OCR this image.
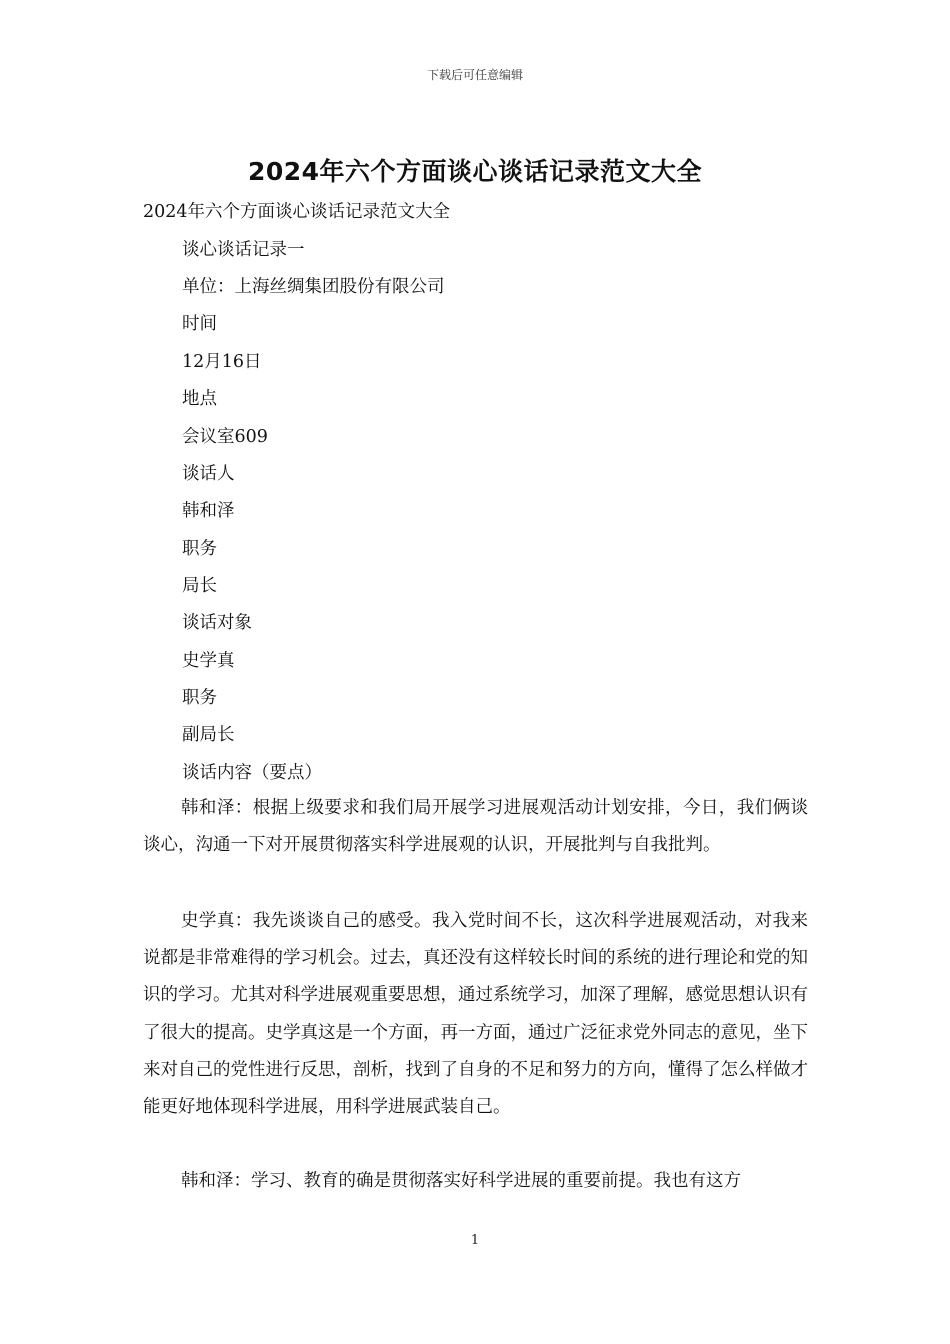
下载后可任意编辑
2024年六个方面谈心谈话记录范文大全
2024年六个方面谈心谈话记录范文大全
谈心谈话记录一
单位：上海丝绸集团股份有限公司
时间
12月16日
地点
会议室609
谈话人
韩和泽
职务
局长
谈话对象
史学真
职务
副局长
谈话内容（要点）
韩和泽：根据上级要求和我们局开展学习进展观活动计划安排，今日，我们俩谈谈心，沟通一下对开展贯彻落实科学进展观的认识，开展批判与自我批判。
史学真：我先谈谈自己的感受。我入党时间不长，这次科学进展观活动，对我来说都是非常难得的学习机会。过去，真还没有这样较长时间的系统的进行理论和党的知识的学习。尤其对科学进展观重要思想，通过系统学习，加深了理解，感觉思想认识有了很大的提高。史学真这是一个方面，再一方面，通过广泛征求党外同志的意见，坐下来对自己的党性进行反思，剖析，找到了自身的不足和努力的方向，懂得了怎么样做才能更好地体现科学进展，用科学进展武装自己。
韩和泽：学习、教育的确是贯彻落实好科学进展的重要前提。我也有这方
1
